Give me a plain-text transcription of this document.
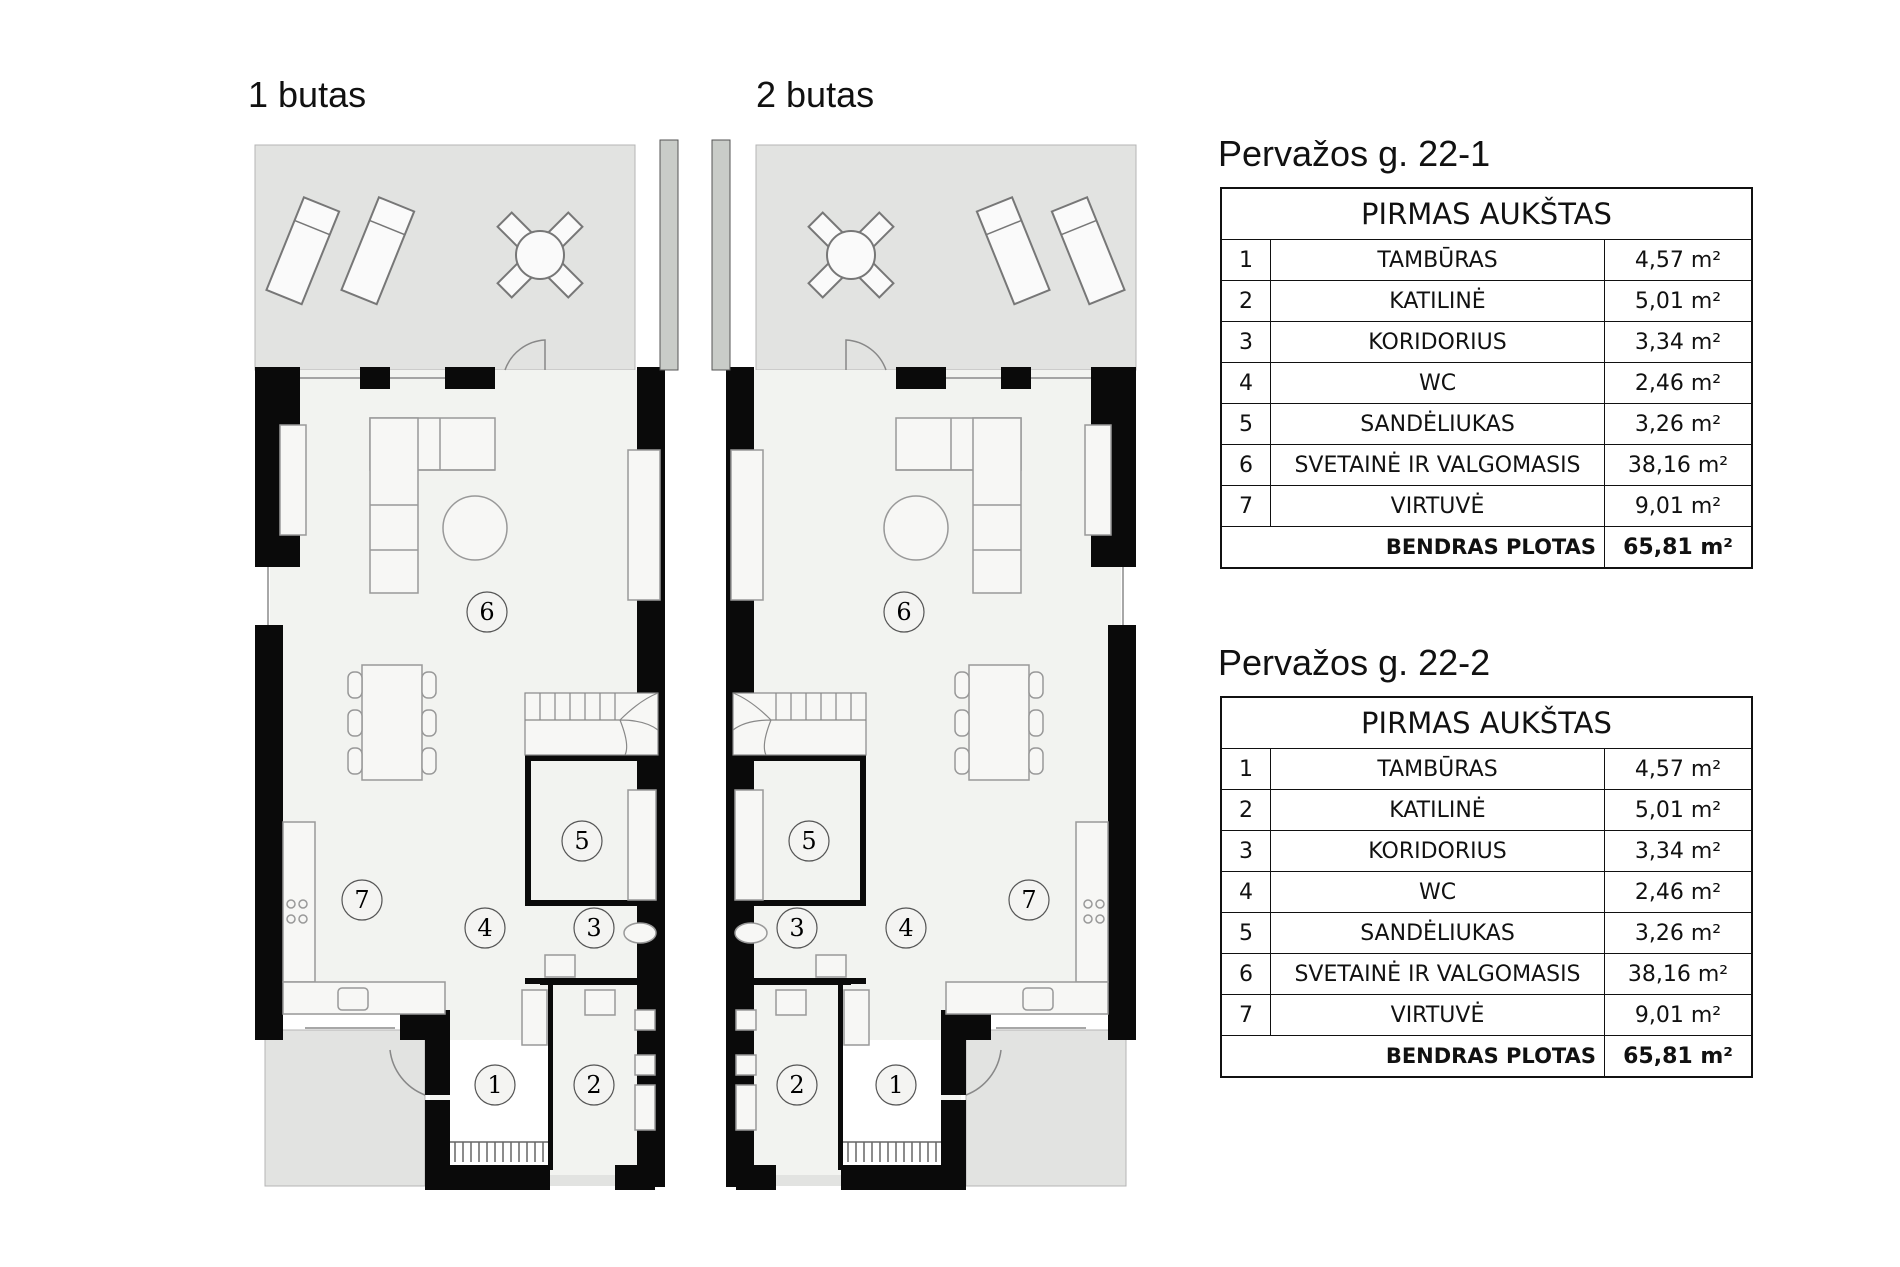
1 butas	2 butas
6	6
5	5
4	4
3	3
7	7
1	1
2	2
Pervažos g. 22-1
PIRMAS AUKŠTAS		
1	TAMBŪRAS	4,57 m²
2	KATILINĖ	5,01 m²
3	KORIDORIUS	3,34 m²
4	WC	2,46 m²
5	SANDĖLIUKAS	3,26 m²
6	SVETAINĖ IR VALGOMASIS	38,16 m²
7	VIRTUVĖ	9,01 m²
BENDRAS PLOTAS		65,81 m²
Pervažos g. 22-2
PIRMAS AUKŠTAS		
1	TAMBŪRAS	4,57 m²
2	KATILINĖ	5,01 m²
3	KORIDORIUS	3,34 m²
4	WC	2,46 m²
5	SANDĖLIUKAS	3,26 m²
6	SVETAINĖ IR VALGOMASIS	38,16 m²
7	VIRTUVĖ	9,01 m²
BENDRAS PLOTAS		65,81 m²
